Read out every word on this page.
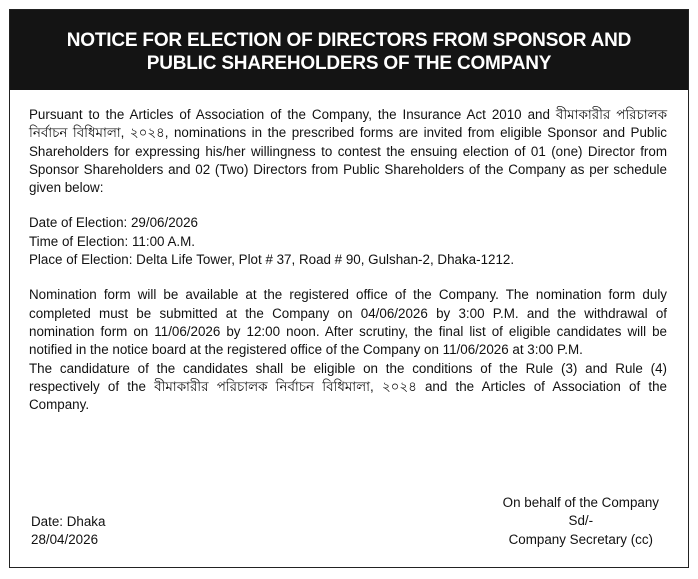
NOTICE FOR ELECTION OF DIRECTORS FROM SPONSOR AND
PUBLIC SHAREHOLDERS OF THE COMPANY

Pursuant to the Articles of Association of the Company, the Insurance Act 2010 and বীমাকারীর পরিচালক নির্বাচন বিধিমালা, ২০২৪, nominations in the prescribed forms are invited from eligible Sponsor and Public Shareholders for expressing his/her willingness to contest the ensuing election of 01 (one) Director from Sponsor Shareholders and 02 (Two) Directors from Public Shareholders of the Company as per schedule given below:

Date of Election: 29/06/2026

Time of Election: 11:00 A.M.

Place of Election: Delta Life Tower, Plot # 37, Road # 90, Gulshan-2, Dhaka-1212.

Nomination form will be available at the registered office of the Company. The nomination form duly completed must be submitted at the Company on 04/06/2026 by 3:00 P.M. and the withdrawal of nomination form on 11/06/2026 by 12:00 noon. After scrutiny, the final list of eligible candidates will be notified in the notice board at the registered office of the Company on 11/06/2026 at 3:00 P.M.

The candidature of the candidates shall be eligible on the conditions of the Rule (3) and Rule (4) respectively of the বীমাকারীর পরিচালক নির্বাচন বিধিমালা, ২০২৪ and the Articles of Association of the Company.

On behalf of the Company
Sd/-
Company Secretary (cc)
Date: Dhaka
28/04/2026
